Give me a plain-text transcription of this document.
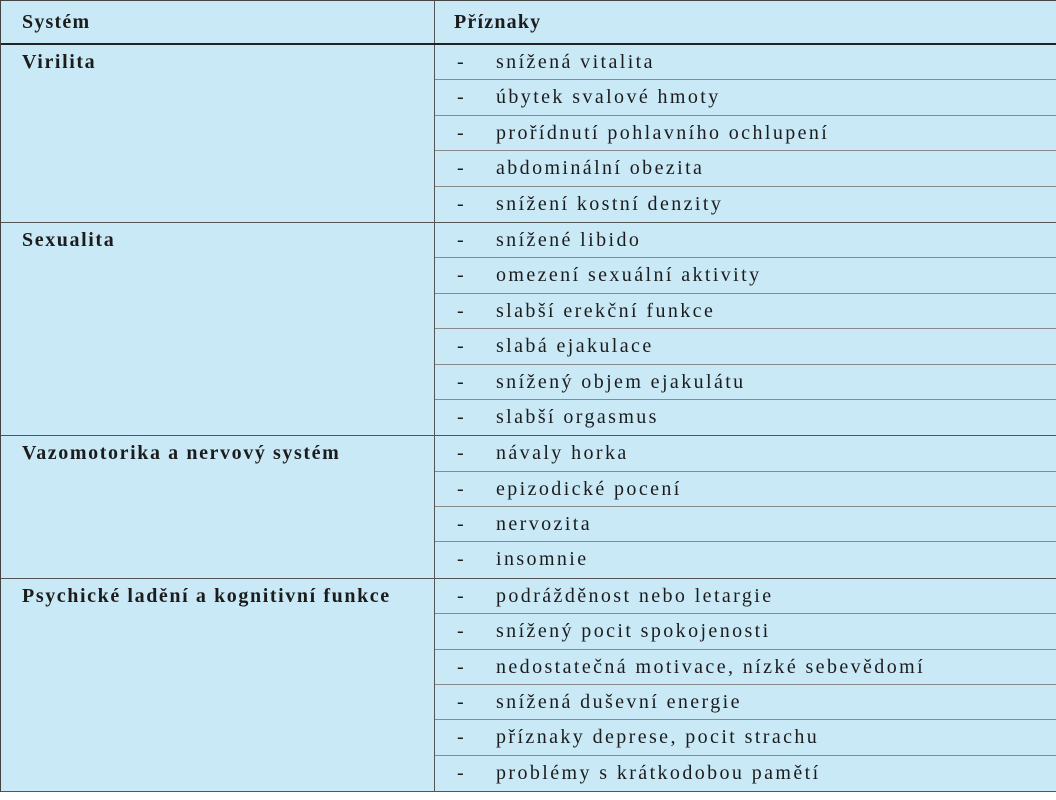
Systém	Příznaky
Virilita	- snížená vitalita
- úbytek svalové hmoty
- prořídnutí pohlavního ochlupení
- abdominální obezita
- snížení kostní denzity
Sexualita	- snížené libido
- omezení sexuální aktivity
- slabší erekční funkce
- slabá ejakulace
- snížený objem ejakulátu
- slabší orgasmus
Vazomotorika a nervový systém	- návaly horka
- epizodické pocení
- nervozita
- insomnie
Psychické ladění a kognitivní funkce	- podrážděnost nebo letargie
- snížený pocit spokojenosti
- nedostatečná motivace, nízké sebevědomí
- snížená duševní energie
- příznaky deprese, pocit strachu
- problémy s krátkodobou pamětí
